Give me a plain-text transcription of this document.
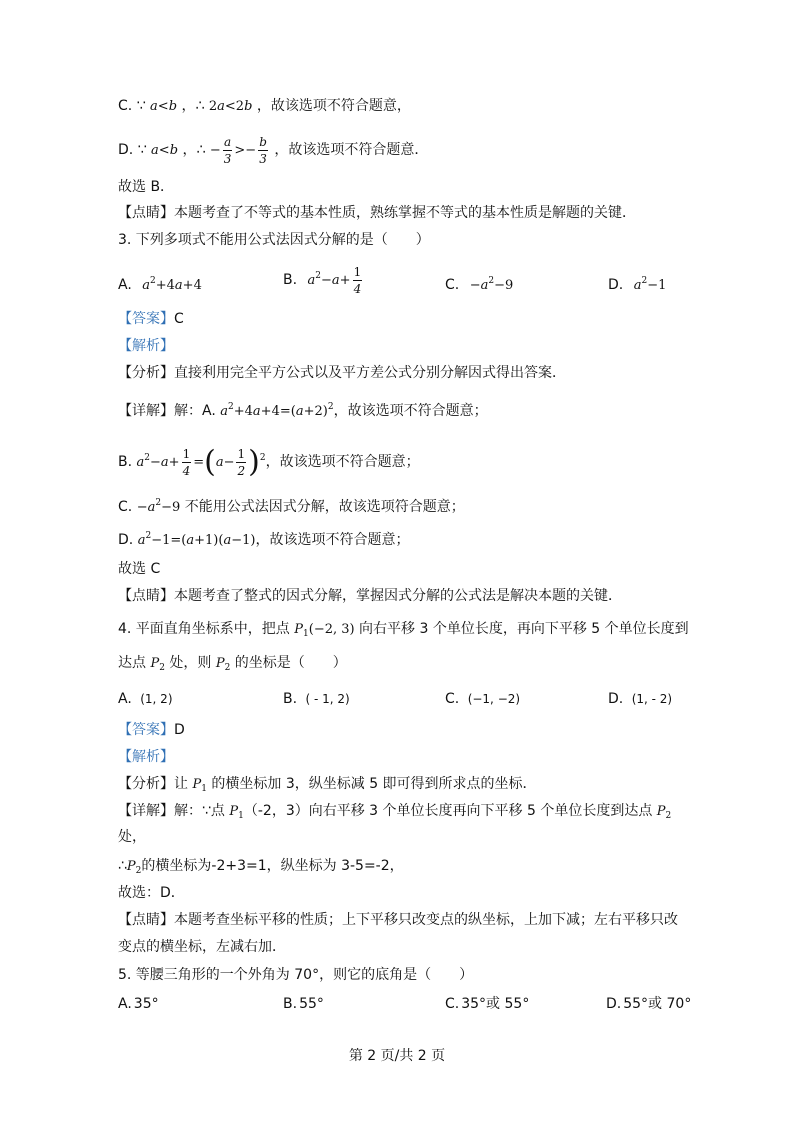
C. ∵ a<b ，∴ 2a<2b ，故该选项不符合题意，
D. ∵ a<b ，∴ − $\frac{a}{3} >- \frac{b}{3}$ ，故该选项不符合题意．
故选 B．
【点睛】本题考查了不等式的基本性质，熟练掌握不等式的基本性质是解题的关键．
3. 下列多项式不能用公式法因式分解的是（　　）
A. $a^2+4a+4$	B. $a^2-a+ \frac{1}{4}$	C. $-a^2-9$	D. $a^2-1$
【答案】C
【解析】
【分析】直接利用完全平方公式以及平方差公式分别分解因式得出答案．
【详解】解：A. $a^2+4a+4=(a+2)^2$，故该选项不符合题意；
B. $a^2-a+ \frac{1}{4} =(a- \frac{1}{2} )^2$，故该选项不符合题意；
C. $-a^2-9$ 不能用公式法因式分解，故该选项符合题意；
D. $a^2-1=(a+1)(a-1)$，故该选项不符合题意；
故选 C
【点睛】本题考查了整式的因式分解，掌握因式分解的公式法是解决本题的关键．
4. 平面直角坐标系中，把点 $P_1(-2$, 3) 向右平移 3 个单位长度，再向下平移 5 个单位长度到
达点 $P_2$ 处，则 $P_2$ 的坐标是（　　）
A. (1, 2)	B. ( - 1, 2)	C. (−1, −2)	D. (1, - 2)
【答案】D
【解析】
【分析】让 $P_1$ 的横坐标加 3，纵坐标减 5 即可得到所求点的坐标．
【详解】解：∵点 $P_1(-2$，3）向右平移 3 个单位长度再向下平移 5 个单位长度到达点 $P_2$
处，
$\therefore P_2$的横坐标为-2+3=1，纵坐标为 3-5=-2，
故选：D．
【点睛】本题考查坐标平移的性质；上下平移只改变点的纵坐标，上加下减；左右平移只改
变点的横坐标，左减右加．
5. 等腰三角形的一个外角为 70°，则它的底角是（　　）
A. 35°	B. 55°	C. 35°或 55°	D. 55°或 70°
第 2 页/共 2 页
